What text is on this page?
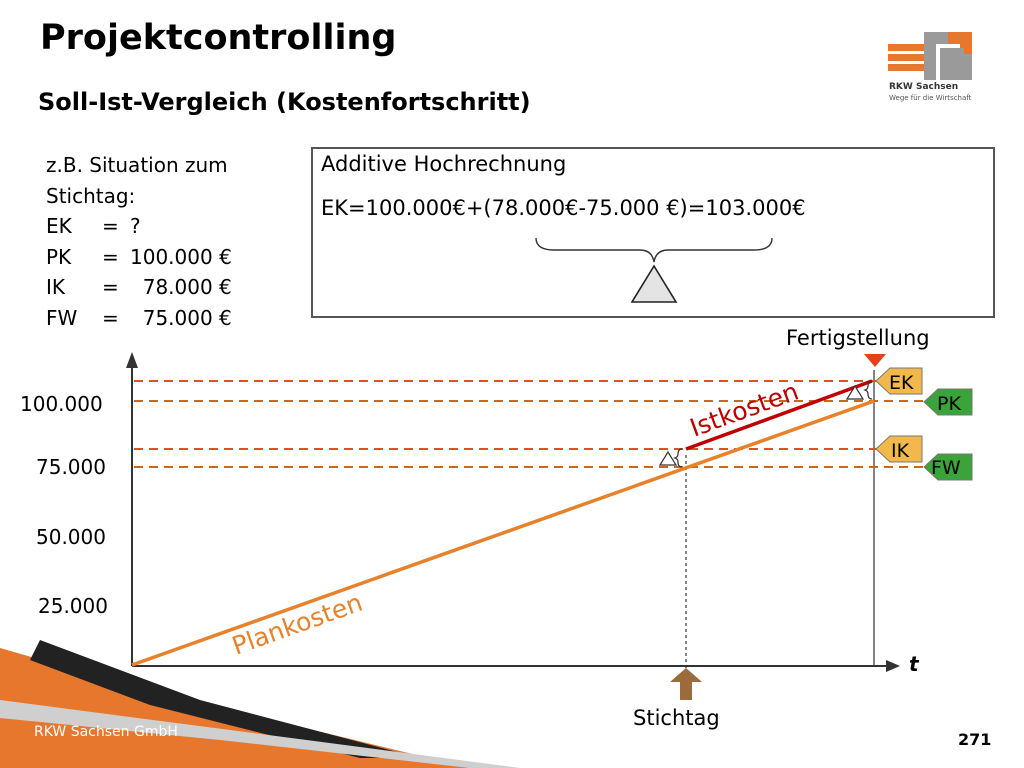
EK
PK
IK
FW
100.000
75.000
50.000
25.000
t
Fertigstellung
Stichtag
Plankosten
Istkosten
Projektcontrolling
Soll-Ist-Vergleich (Kostenfortschritt)
RKW Sachsen
Wege für die Wirtschaft
z.B. Situation zum
Stichtag:
EK = ?
PK = 100.000 €
IK =  78.000 €
FW =  75.000 €
Additive Hochrechnung
EK=100.000€+(78.000€-75.000 €)=103.000€
RKW Sachsen GmbH	271
